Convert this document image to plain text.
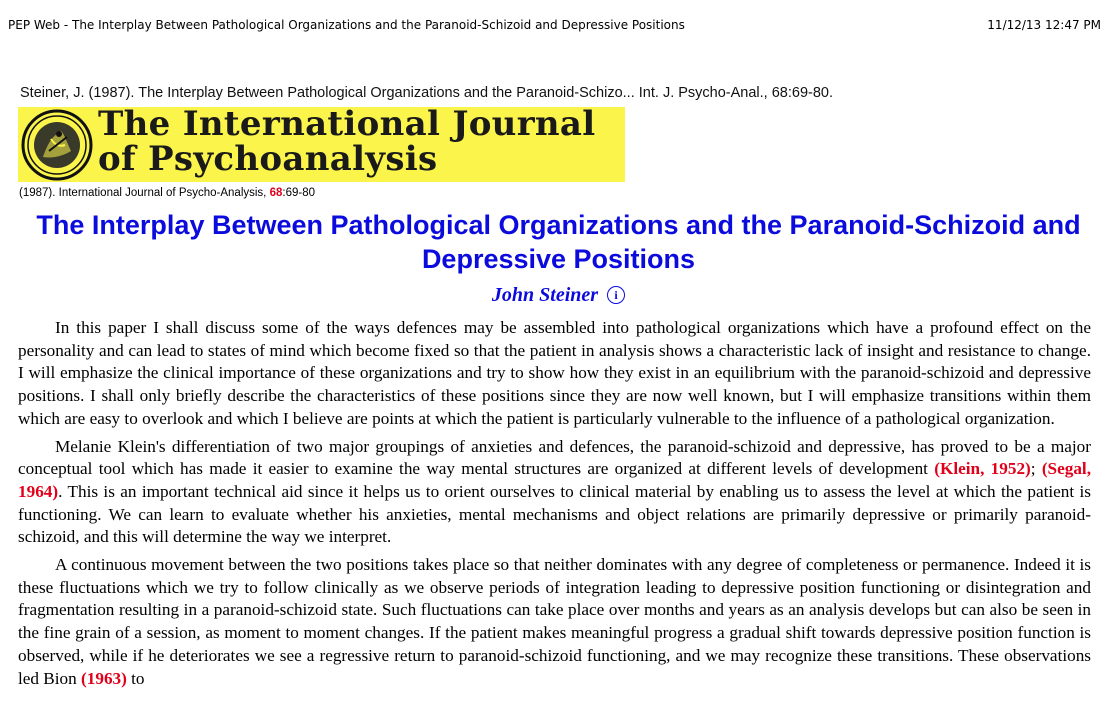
PEP Web - The Interplay Between Pathological Organizations and the Paranoid-Schizoid and Depressive Positions	11/12/13 12:47 PM
Steiner, J. (1987). The Interplay Between Pathological Organizations and the Paranoid-Schizo... Int. J. Psycho-Anal., 68:69-80.
The International Journal
of Psychoanalysis
(1987). International Journal of Psycho-Analysis, 68:69-80
The Interplay Between Pathological Organizations and the Paranoid-Schizoid and Depressive Positions
John Steiner i

In this paper I shall discuss some of the ways defences may be assembled into pathological organizations which have a profound effect on the personality and can lead to states of mind which become fixed so that the patient in analysis shows a characteristic lack of insight and resistance to change. I will emphasize the clinical importance of these organizations and try to show how they exist in an equilibrium with the paranoid-schizoid and depressive positions. I shall only briefly describe the characteristics of these positions since they are now well known, but I will emphasize transitions within them which are easy to overlook and which I believe are points at which the patient is particularly vulnerable to the influence of a pathological organization.

Melanie Klein's differentiation of two major groupings of anxieties and defences, the paranoid-schizoid and depressive, has proved to be a major conceptual tool which has made it easier to examine the way mental structures are organized at different levels of development (Klein, 1952); (Segal, 1964). This is an important technical aid since it helps us to orient ourselves to clinical material by enabling us to assess the level at which the patient is functioning. We can learn to evaluate whether his anxieties, mental mechanisms and object relations are primarily depressive or primarily paranoid-schizoid, and this will determine the way we interpret.

A continuous movement between the two positions takes place so that neither dominates with any degree of completeness or permanence. Indeed it is these fluctuations which we try to follow clinically as we observe periods of integration leading to depressive position functioning or disintegration and fragmentation resulting in a paranoid-schizoid state. Such fluctuations can take place over months and years as an analysis develops but can also be seen in the fine grain of a session, as moment to moment changes. If the patient makes meaningful progress a gradual shift towards depressive position function is observed, while if he deteriorates we see a regressive return to paranoid-schizoid functioning, and we may recognize these transitions. These observations led Bion (1963) to
